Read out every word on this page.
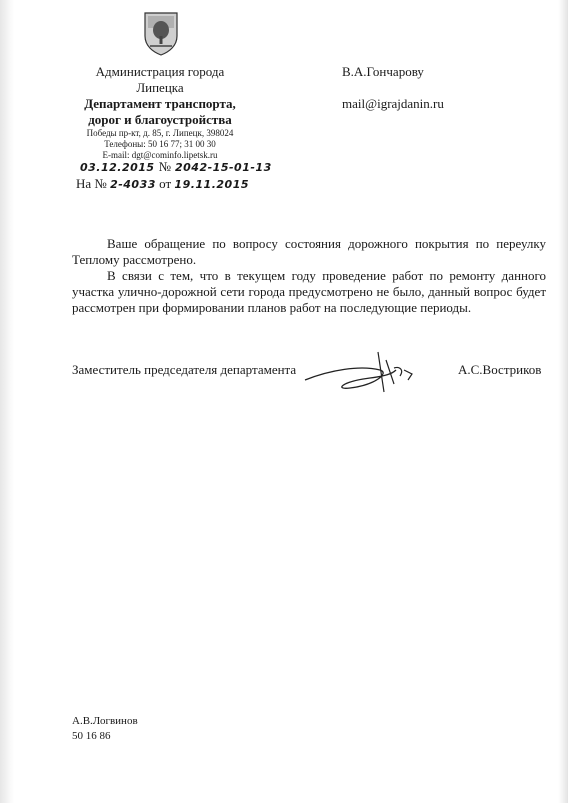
Администрация города
Липецка
Департамент транспорта,
дорог и благоустройства
Победы пр-кт, д. 85, г. Липецк, 398024
Телефоны: 50 16 77; 31 00 30
E-mail: dgt@cominfo.lipetsk.ru
03.12.2015 № 2042-15-01-13
На № 2-4033 от 19.11.2015
В.А.Гончарову
mail@igrajdanin.ru

Ваше обращение по вопросу состояния дорожного покрытия по переулку Теплому рассмотрено.

В связи с тем, что в текущем году проведение работ по ремонту данного участка улично-дорожной сети города предусмотрено не было, данный вопрос будет рассмотрен при формировании планов работ на последующие периоды.

Заместитель председателя департамента	А.С.Востриков
А.В.Логвинов
50 16 86
